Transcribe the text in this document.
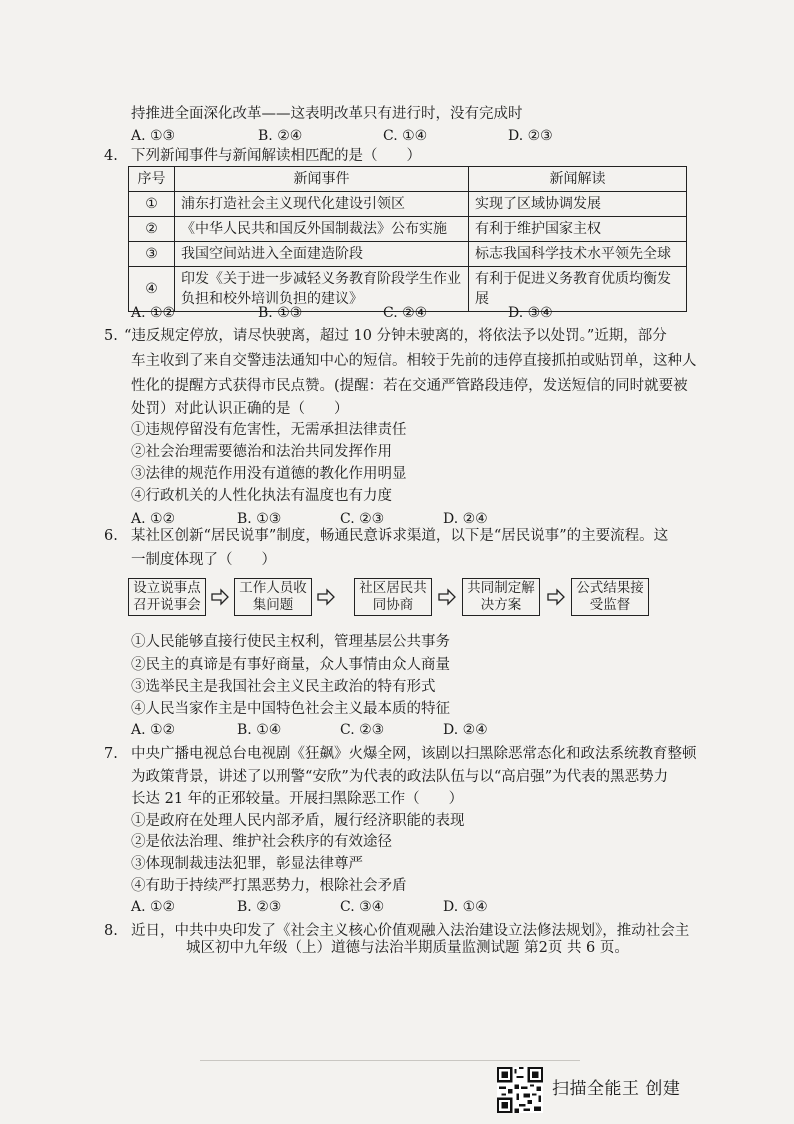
持推进全面深化改革——这表明改革只有进行时，没有完成时
A. ①③	B. ②④	C. ①④	D. ②③
4. 下列新闻事件与新闻解读相匹配的是（　　）
序号	新闻事件	新闻解读
①	浦东打造社会主义现代化建设引领区	实现了区域协调发展
②	《中华人民共和国反外国制裁法》公布实施	有利于维护国家主权
③	我国空间站进入全面建造阶段	标志我国科学技术水平领先全球
④	印发《关于进一步减轻义务教育阶段学生作业负担和校外培训负担的建议》	有利于促进义务教育优质均衡发展
A. ①②	B. ①③	C. ②④	D. ③④
5. “违反规定停放，请尽快驶离，超过 10 分钟未驶离的，将依法予以处罚。”近期，部分
车主收到了来自交警违法通知中心的短信。相较于先前的违停直接抓拍或贴罚单，这种人
性化的提醒方式获得市民点赞。(提醒：若在交通严管路段违停，发送短信的同时就要被
处罚）对此认识正确的是（　　）
①违规停留没有危害性，无需承担法律责任
②社会治理需要德治和法治共同发挥作用
③法律的规范作用没有道德的教化作用明显
④行政机关的人性化执法有温度也有力度
A. ①②	B. ①③	C. ②③	D. ②④
6. 某社区创新“居民说事”制度，畅通民意诉求渠道，以下是“居民说事”的主要流程。这
一制度体现了（　　）
设立说事点召开说事会
工作人员收集问题
社区居民共同协商
共同制定解决方案
公式结果接受监督
①人民能够直接行使民主权利，管理基层公共事务
②民主的真谛是有事好商量，众人事情由众人商量
③选举民主是我国社会主义民主政治的特有形式
④人民当家作主是中国特色社会主义最本质的特征
A. ①②	B. ①④	C. ②③	D. ②④
7. 中央广播电视总台电视剧《狂飙》火爆全网，该剧以扫黑除恶常态化和政法系统教育整顿
为政策背景，讲述了以刑警“安欣”为代表的政法队伍与以“高启强”为代表的黑恶势力
长达 21 年的正邪较量。开展扫黑除恶工作（　　）
①是政府在处理人民内部矛盾，履行经济职能的表现
②是依法治理、维护社会秩序的有效途径
③体现制裁违法犯罪，彰显法律尊严
④有助于持续严打黑恶势力，根除社会矛盾
A. ①②	B. ②③	C. ③④	D. ①④
8. 近日，中共中央印发了《社会主义核心价值观融入法治建设立法修法规划》，推动社会主
城区初中九年级（上）道德与法治半期质量监测试题 第2页 共 6 页。
扫描全能王 创建
